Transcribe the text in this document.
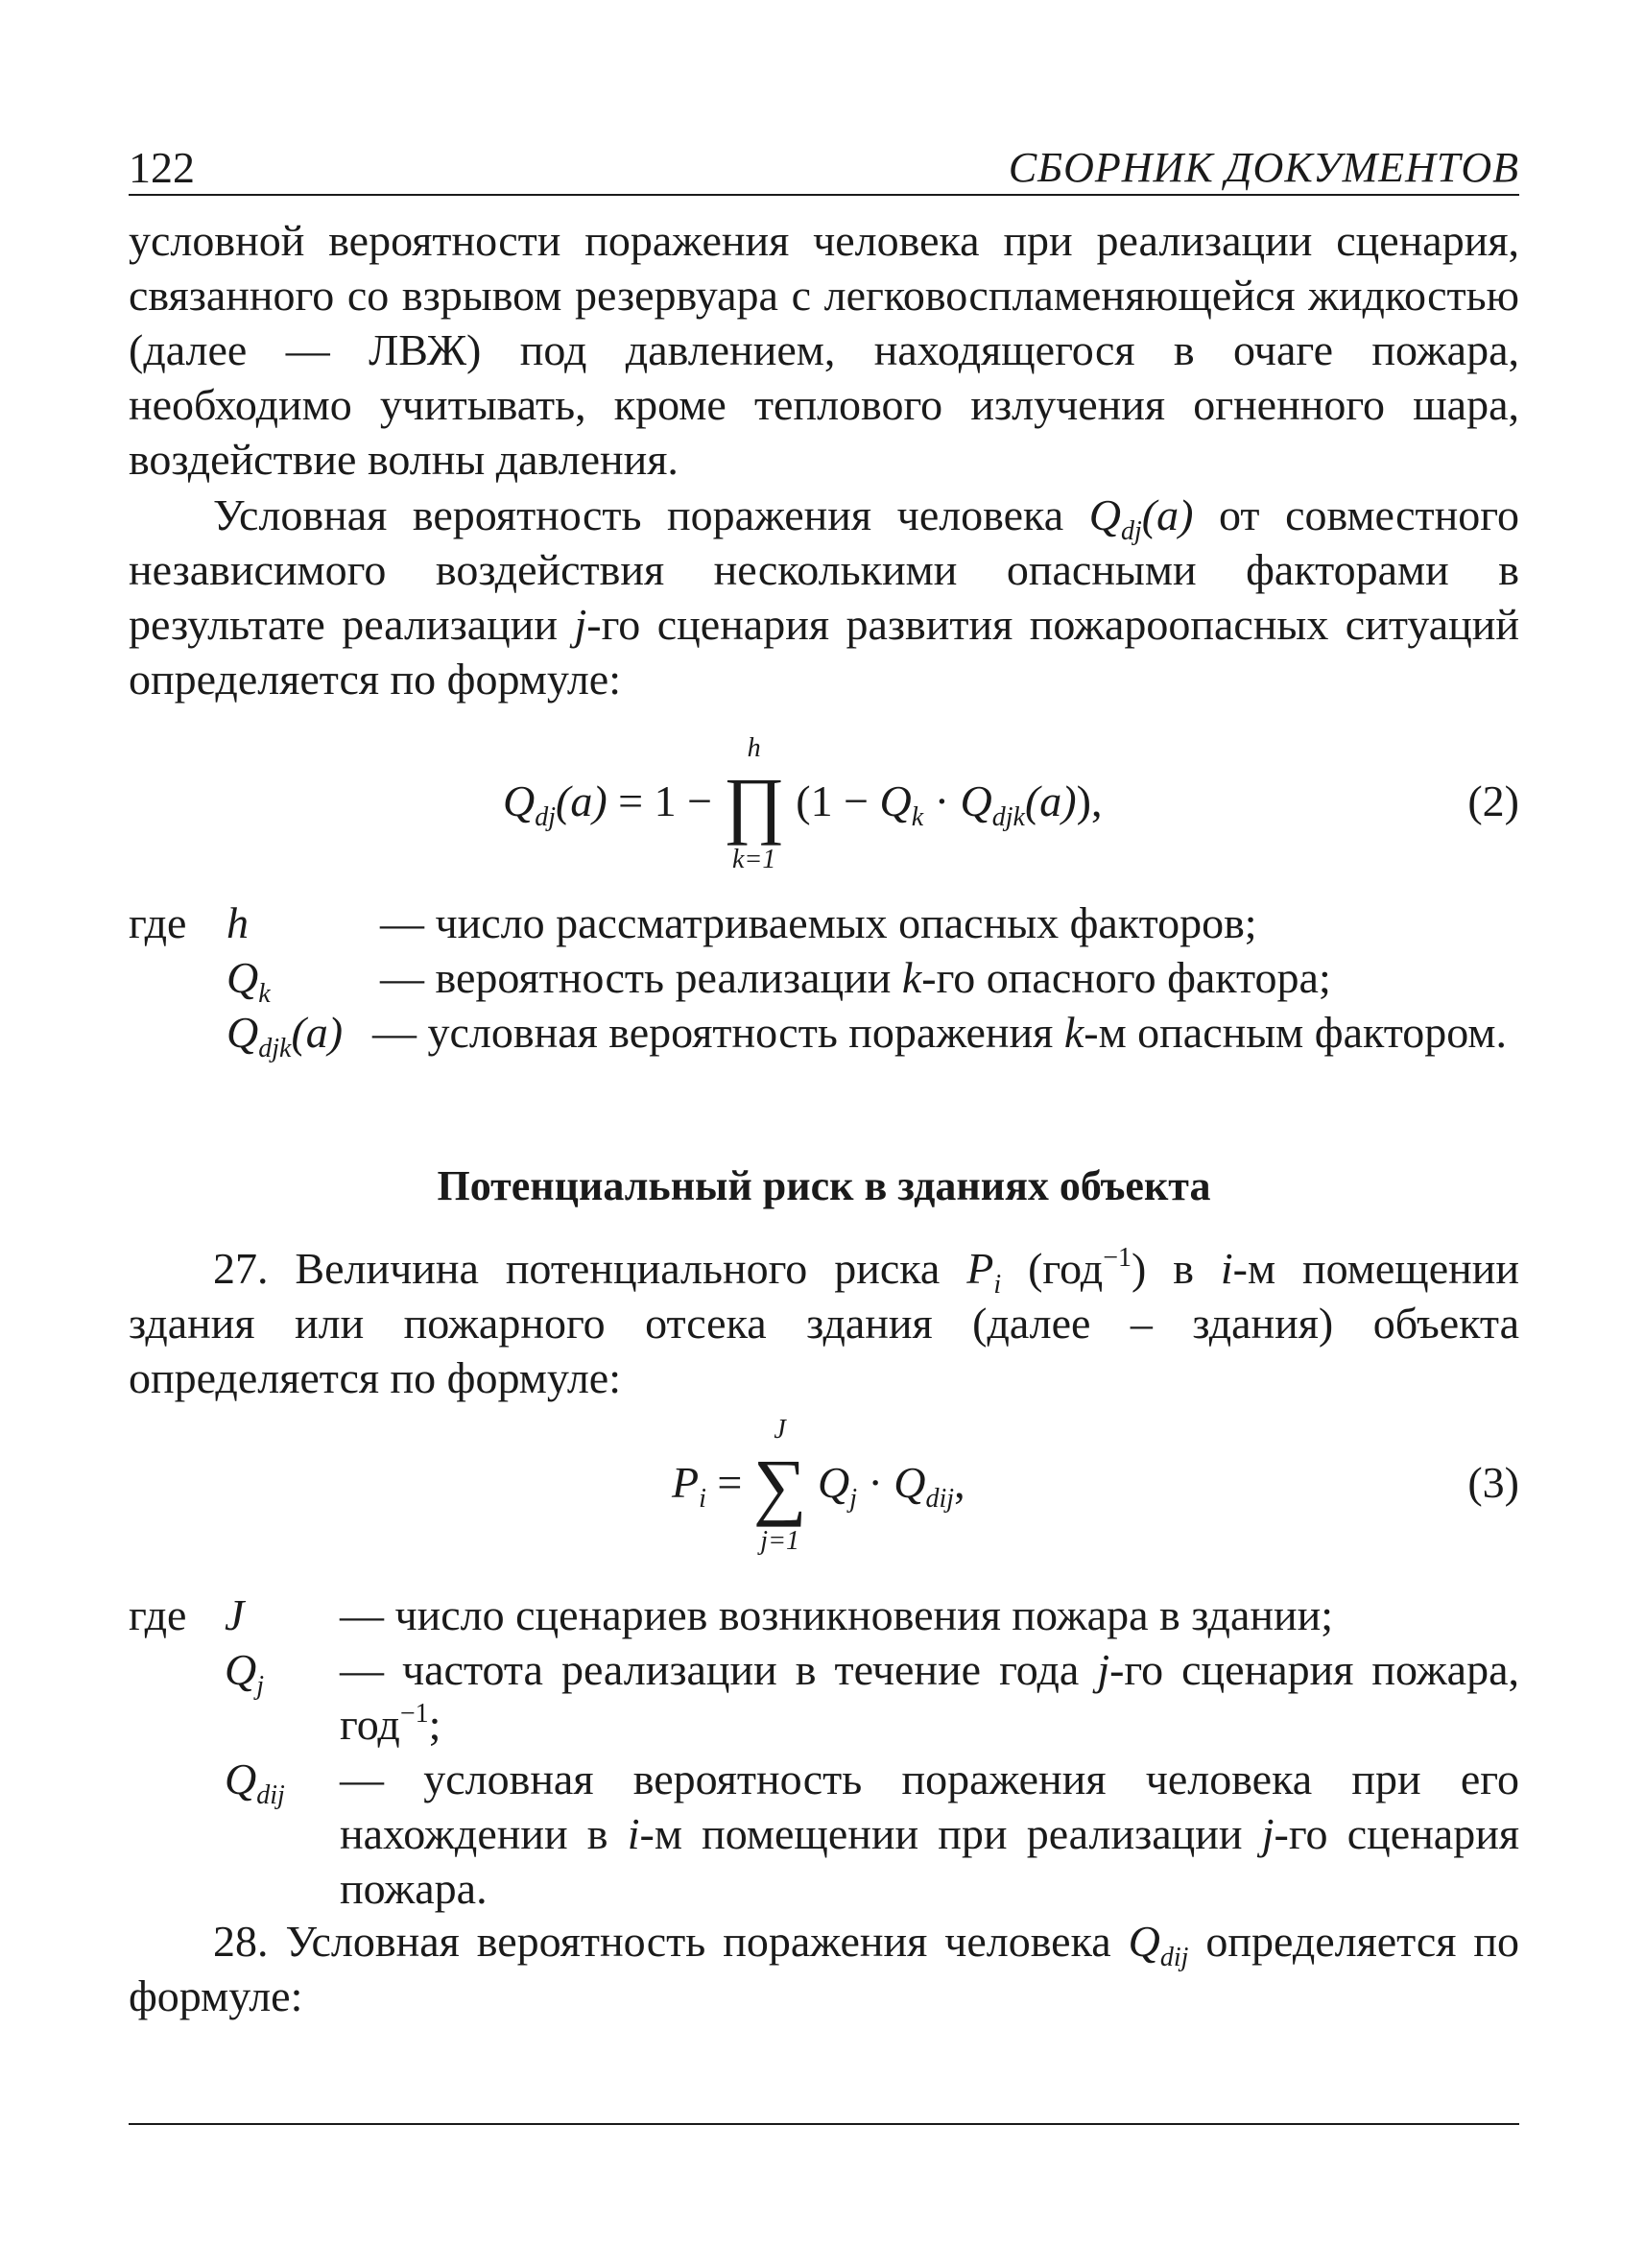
122	СБОРНИК ДОКУМЕНТОВ

условной вероятности поражения человека при реализации сценария, связанного со взрывом резервуара с легковоспламеняющейся жидкостью (далее — ЛВЖ) под давлением, находящегося в очаге пожара, необходимо учитывать, кроме теплового излучения огненного шара, воздействие волны давления.

Условная вероятность поражения человека $Q_{dj}(a)$ от совместного независимого воздействия несколькими опасными факторами в результате реализации j-го сценария развития пожароопасных ситуаций определяется по формуле:

$Q_{dj}(a) = 1$ − ∏
h
k=1
$(1 - Q_k \cdot Q_{djk}(a))$,	(2)
где h	— число рассматриваемых опасных факторов;
$Q_k$ — вероятность реализации k-го опасного фактора;
$Q_{djk}(a)$ — условная вероятность поражения k-м опасным фактором.
Потенциальный риск в зданиях объекта

27. Величина потенциального риска $P_i$ (год$^{-1}$) в i-м помещении здания или пожарного отсека здания (далее – здания) объекта определяется по формуле:

$P_i$ = ∑
J
j=1
$Q_j \cdot Q_{dij}$,	(3)
где J — число сценариев возникновения пожара в здании;
$Q_j$ — частота реализации в течение года j-го сценария пожара, год$^{-1}$;
$Q_{dij}$ — условная вероятность поражения человека при его нахождении в i-м помещении при реализации j-го сценария пожара.

28. Условная вероятность поражения человека $Q_{dij}$ определяется по формуле:
